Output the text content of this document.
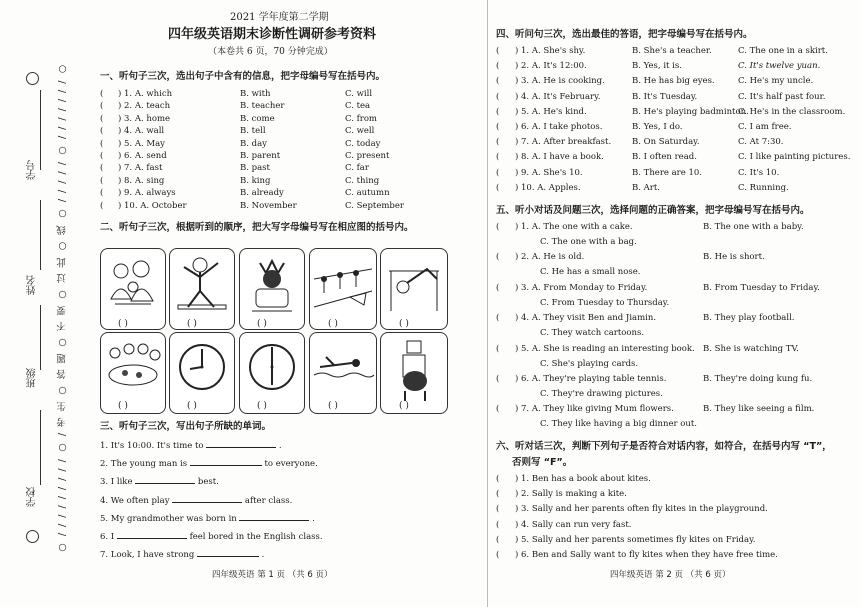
学号
姓名
班级
学校 ○ / / / / / / / / / ○ / 考 生 ○ 答 题 ○ 不 要 ○ 过 此 ○ 线 ○ / / / / / ○ / / / / / / / ○
2021 学年度第二学期
四年级英语期末诊断性调研参考资料
（本卷共 6 页，70 分钟完成）
一、听句子三次，选出句子中含有的信息，把字母编号写在括号内。
( ) 1. A. which	B. with	C. will
( ) 2. A. teach	B. teacher	C. tea
( ) 3. A. home	B. come	C. from
( ) 4. A. wall	B. tell	C. well
( ) 5. A. May	B. day	C. today
( ) 6. A. send	B. parent	C. present
( ) 7. A. fast	B. past	C. far
( ) 8. A. sing	B. king	C. thing
( ) 9. A. always	B. already	C. autumn
( ) 10. A. October	B. November	C. September
二、听句子三次，根据听到的顺序，把大写字母编号写在相应图的括号内。
( )	( )	( )	( )	( )
( )	( )	( )	( )	( )
三、听句子三次，写出句子所缺的单词。
1. It's 10:00. It's time to	.
2. The young man is	to everyone.
3. I like	best.
4. We often play	after class.
5. My grandmother was born in	.
6. I	feel bored in the English class.
7. Look, I have strong	.
四年级英语 第 1 页 （共 6 页）
四、听问句三次，选出最佳的答语，把字母编号写在括号内。
( ) 1. A. She's shy.	B. She's a teacher.	C. The one in a skirt.
( ) 2. A. It's 12:00.	B. Yes, it is.	C. It's twelve yuan.
( ) 3. A. He is cooking.	B. He has big eyes.	C. He's my uncle.
( ) 4. A. It's February.	B. It's Tuesday.	C. It's half past four.
( ) 5. A. He's kind.	B. He's playing badminton.
C. He's in the classroom.
( ) 6. A. I take photos.	B. Yes, I do.	C. I am free.
( ) 7. A. After breakfast. B. On Saturday.	C. At 7:30.
( ) 8. A. I have a book.	B. I often read.	C. I like painting pictures.
( ) 9. A. She's 10.	B. There are 10.	C. It's 10.
( ) 10. A. Apples.	B. Art.	C. Running.
五、听小对话及问题三次，选择问题的正确答案，把字母编号写在括号内。
( ) 1. A. The one with a cake.	B. The one with a baby.
C. The one with a bag.
( ) 2. A. He is old.	B. He is short.
C. He has a small nose.
( ) 3. A. From Monday to Friday.	B. From Tuesday to Friday.
C. From Tuesday to Thursday.
( ) 4. A. They visit Ben and Jiamin.	B. They play football.
C. They watch cartoons.
( ) 5. A. She is reading an interesting book. B. She is watching TV.
C. She's playing cards.
( ) 6. A. They're playing table tennis.	B. They're doing kung fu.
C. They're drawing pictures.
( ) 7. A. They like giving Mum flowers.	B. They like seeing a film.
C. They like having a big dinner out.
六、听对话三次，判断下列句子是否符合对话内容，如符合，在括号内写 “T”，
否则写 “F”。
( ) 1. Ben has a book about kites.
( ) 2. Sally is making a kite.
( ) 3. Sally and her parents often fly kites in the playground.
( ) 4. Sally can run very fast.
( ) 5. Sally and her parents sometimes fly kites on Friday.
( ) 6. Ben and Sally want to fly kites when they have free time.
四年级英语 第 2 页 （共 6 页）
